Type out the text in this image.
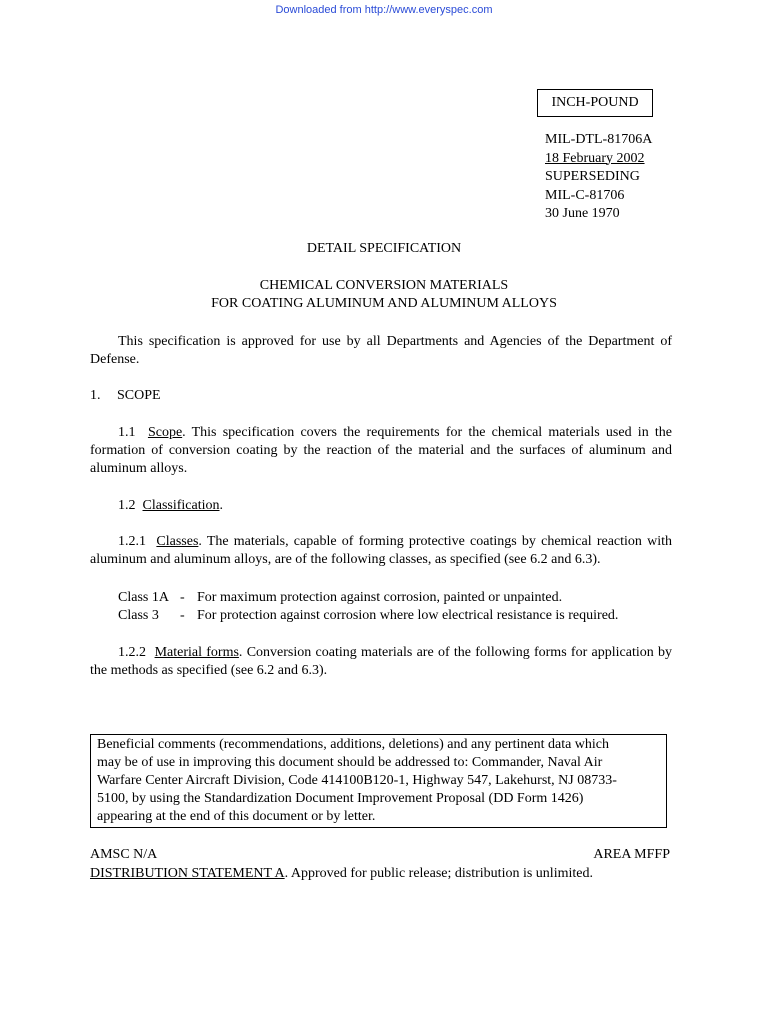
Downloaded from http://www.everyspec.com
INCH-POUND
MIL-DTL-81706A
18 February 2002
SUPERSEDING
MIL-C-81706
30 June 1970
DETAIL SPECIFICATION
CHEMICAL CONVERSION MATERIALS
FOR COATING ALUMINUM AND ALUMINUM ALLOYS
This specification is approved for use by all Departments and Agencies of the Department of Defense.
1. SCOPE
1.1 Scope. This specification covers the requirements for the chemical materials used in the formation of conversion coating by the reaction of the material and the surfaces of aluminum and aluminum alloys.
1.2 Classification.
1.2.1 Classes. The materials, capable of forming protective coatings by chemical reaction with aluminum and aluminum alloys, are of the following classes, as specified (see 6.2 and 6.3).
Class 1A - For maximum protection against corrosion, painted or unpainted.
Class 3 - For protection against corrosion where low electrical resistance is required.
1.2.2 Material forms. Conversion coating materials are of the following forms for application by the methods as specified (see 6.2 and 6.3).
Beneficial comments (recommendations, additions, deletions) and any pertinent data which
may be of use in improving this document should be addressed to: Commander, Naval Air
Warfare Center Aircraft Division, Code 414100B120-1, Highway 547, Lakehurst, NJ 08733-
5100, by using the Standardization Document Improvement Proposal (DD Form 1426)
appearing at the end of this document or by letter.
AMSC N/A	AREA MFFP
DISTRIBUTION STATEMENT A. Approved for public release; distribution is unlimited.
